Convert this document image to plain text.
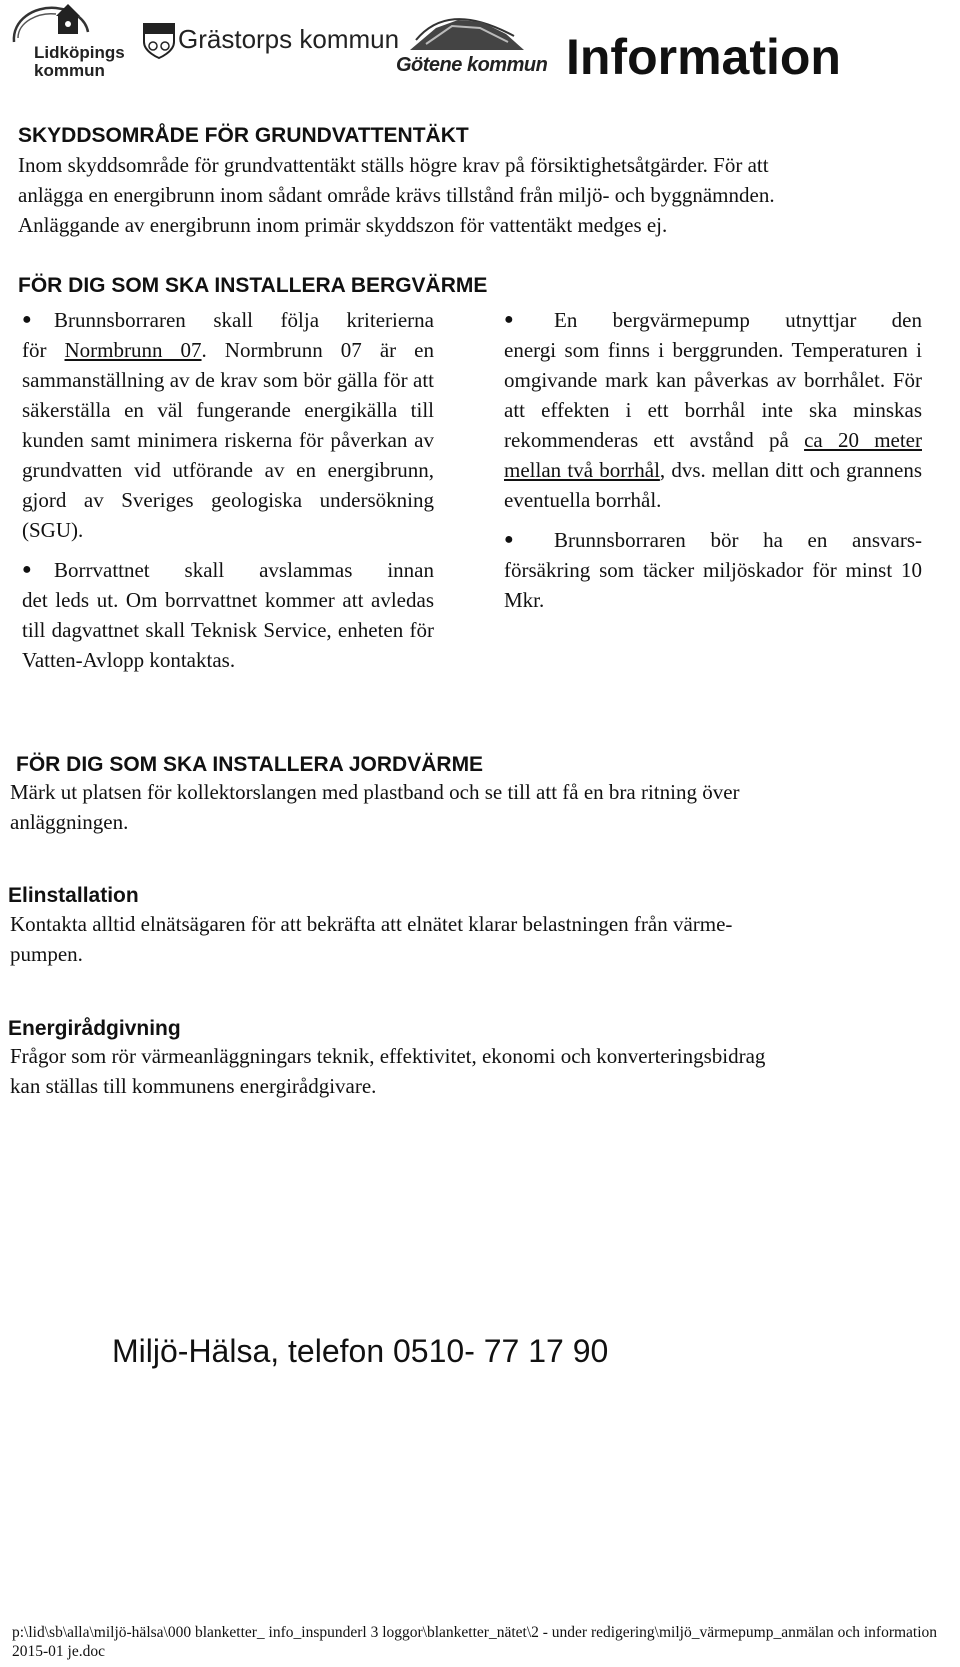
Lidköpings kommun
Grästorps kommun
Götene kommun Information
SKYDDSOMRÅDE FÖR GRUNDVATTENTÄKT
Inom skyddsområde för grundvattentäkt ställs högre krav på försiktighetsåtgärder. För att
anlägga en energibrunn inom sådant område krävs tillstånd från miljö- och byggnämnden.
Anläggande av energibrunn inom primär skyddszon för vattentäkt medges ej.
FÖR DIG SOM SKA INSTALLERA BERGVÄRME
● Brunnsborraren skall följa kriterierna
för Normbrunn 07. Normbrunn 07 är en sammanställning av de krav som bör gälla för att säkerställa en väl fungerande energikälla till kunden samt minimera riskerna för påverkan av grundvatten vid utförande av en energibrunn, gjord av Sveriges geologiska undersökning (SGU).
● Borrvattnet skall avslammas innan
det leds ut. Om borrvattnet kommer att avledas till dagvattnet skall Teknisk Service, enheten för Vatten-Avlopp kontaktas.
● En bergvärmepump utnyttjar den
energi som finns i berggrunden. Temperaturen i omgivande mark kan påverkas av borrhålet. För att effekten i ett borrhål inte ska minskas rekommenderas ett avstånd på ca 20 meter mellan två borrhål, dvs. mellan ditt och grannens eventuella borrhål.
● Brunnsborraren bör ha en ansvars-
försäkring som täcker miljöskador för minst 10 Mkr.
FÖR DIG SOM SKA INSTALLERA JORDVÄRME
Märk ut platsen för kollektorslangen med plastband och se till att få en bra ritning över
anläggningen.
Elinstallation
Kontakta alltid elnätsägaren för att bekräfta att elnätet klarar belastningen från värme-
pumpen.
Energirådgivning
Frågor som rör värmeanläggningars teknik, effektivitet, ekonomi och konverteringsbidrag
kan ställas till kommunens energirådgivare.
Miljö-Hälsa, telefon 0510- 77 17 90
p:\lid\sb\alla\miljö-hälsa\000 blanketter_ info_inspunderl 3 loggor\blanketter_nätet\2 - under redigering\miljö_värmepump_anmälan och information 2015-01 je.doc
